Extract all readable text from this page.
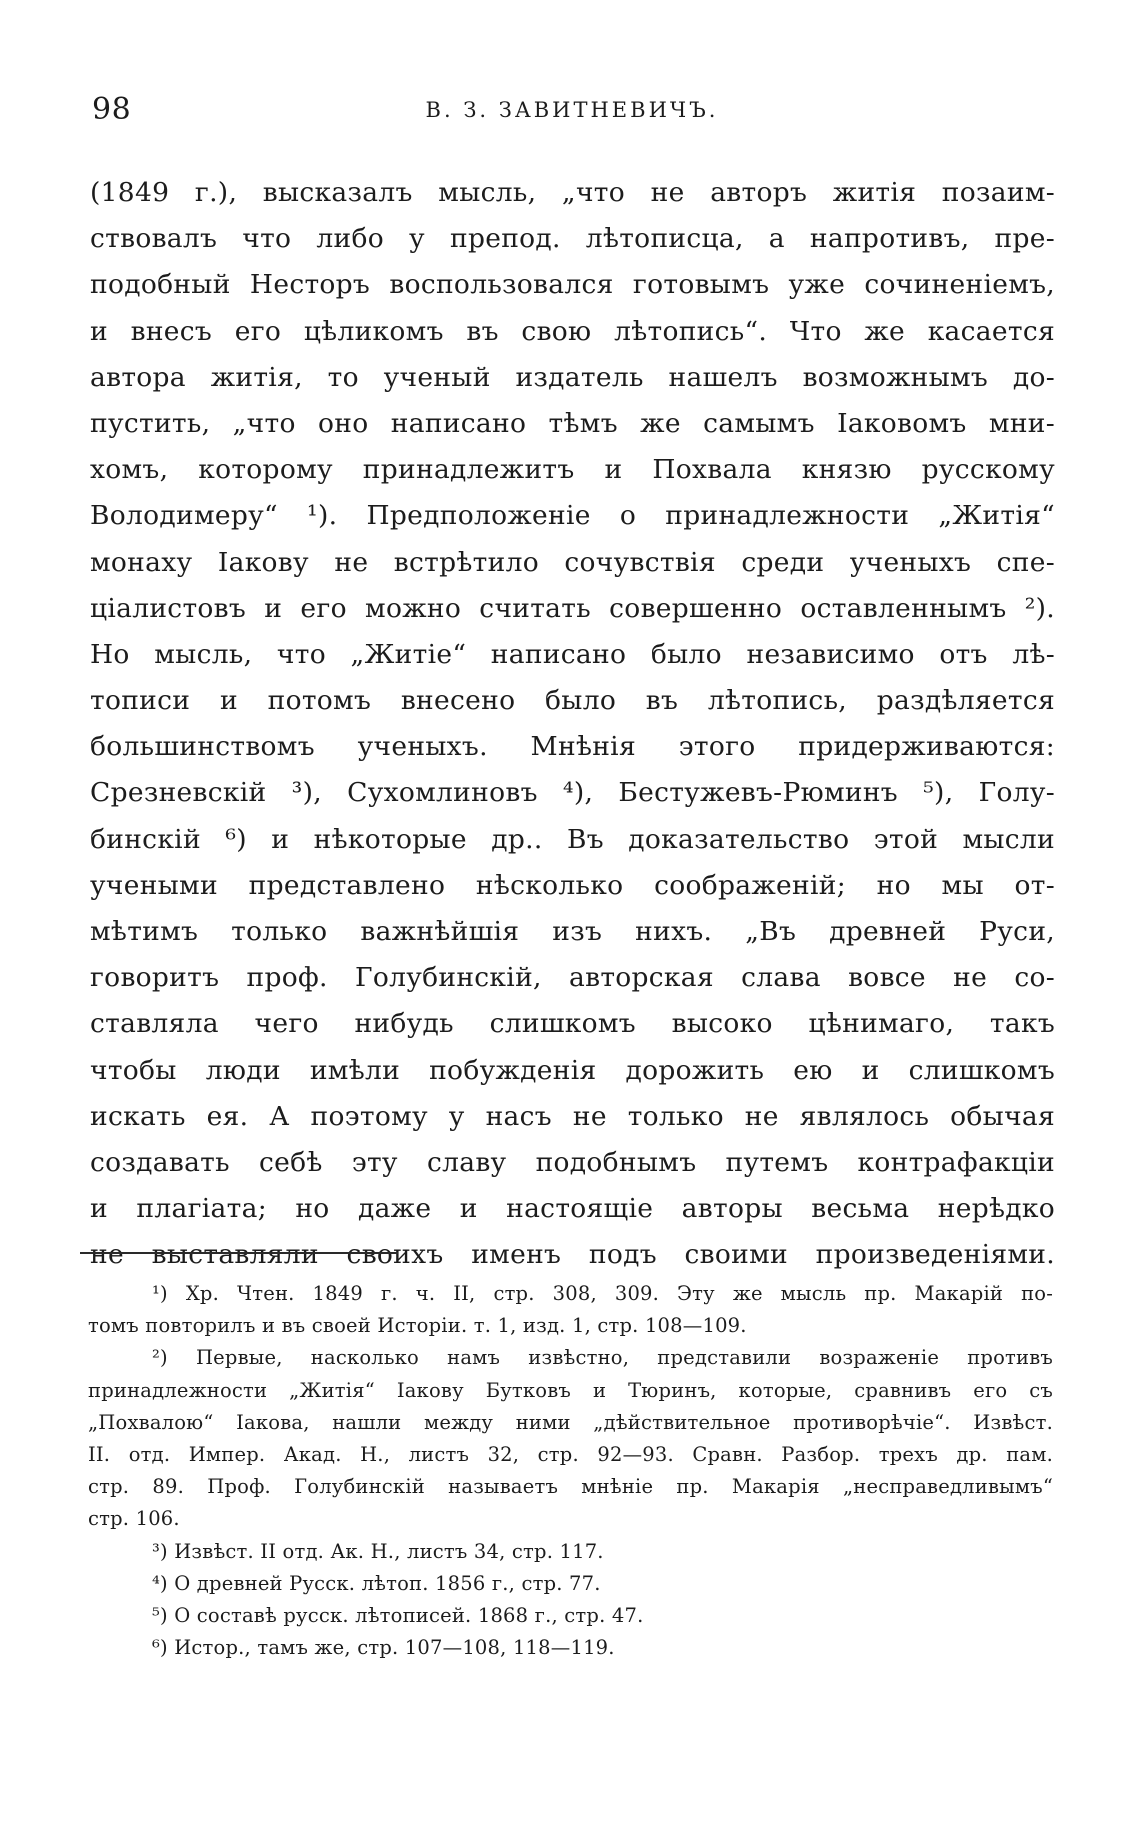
98	В. З. ЗАВИТНЕВИЧЪ.
(1849 г.), высказалъ мысль, „что не авторъ житія позаим-
ствовалъ что либо у препод. лѣтописца, а напротивъ, пре-
подобный Несторъ воспользовался готовымъ уже сочиненіемъ,
и внесъ его цѣликомъ въ свою лѣтопись“. Что же касается
автора житія, то ученый издатель нашелъ возможнымъ до-
пустить, „что оно написано тѣмъ же самымъ Іаковомъ мни-
хомъ, которому принадлежитъ и Похвала князю русскому
Володимеру“ ¹). Предположеніе о принадлежности „Житія“
монаху Іакову не встрѣтило сочувствія среди ученыхъ спе-
ціалистовъ и его можно считать совершенно оставленнымъ ²).
Но мысль, что „Житіе“ написано было независимо отъ лѣ-
тописи и потомъ внесено было въ лѣтопись, раздѣляется
большинствомъ ученыхъ. Мнѣнія этого придерживаются:
Срезневскій ³), Сухомлиновъ ⁴), Бестужевъ-Рюминъ ⁵), Голу-
бинскій ⁶) и нѣкоторые др.. Въ доказательство этой мысли
учеными представлено нѣсколько соображеній; но мы от-
мѣтимъ только важнѣйшія изъ нихъ. „Въ древней Руси,
говоритъ проф. Голубинскій, авторская слава вовсе не со-
ставляла чего нибудь слишкомъ высоко цѣнимаго, такъ
чтобы люди имѣли побужденія дорожить ею и слишкомъ
искать ея. А поэтому у насъ не только не являлось обычая
создавать себѣ эту славу подобнымъ путемъ контрафакціи
и плагіата; но даже и настоящіе авторы весьма нерѣдко
не выставляли своихъ именъ подъ своими произведеніями.
¹) Хр. Чтен. 1849 г. ч. II, стр. 308, 309. Эту же мысль пр. Макарій по-
томъ повторилъ и въ своей Исторіи. т. 1, изд. 1, стр. 108—109.
²) Первые, насколько намъ извѣстно, представили возраженіе противъ
принадлежности „Житія“ Іакову Бутковъ и Тюринъ, которые, сравнивъ его съ
„Похвалою“ Іакова, нашли между ними „дѣйствительное противорѣчіе“. Извѣст.
II. отд. Импер. Акад. Н., листъ 32, стр. 92—93. Сравн. Разбор. трехъ др. пам.
стр. 89. Проф. Голубинскій называетъ мнѣніе пр. Макарія „несправедливымъ“
стр. 106.
³) Извѣст. II отд. Ак. Н., листъ 34, стр. 117.
⁴) О древней Русск. лѣтоп. 1856 г., стр. 77.
⁵) О составѣ русск. лѣтописей. 1868 г., стр. 47.
⁶) Истор., тамъ же, стр. 107—108, 118—119.
